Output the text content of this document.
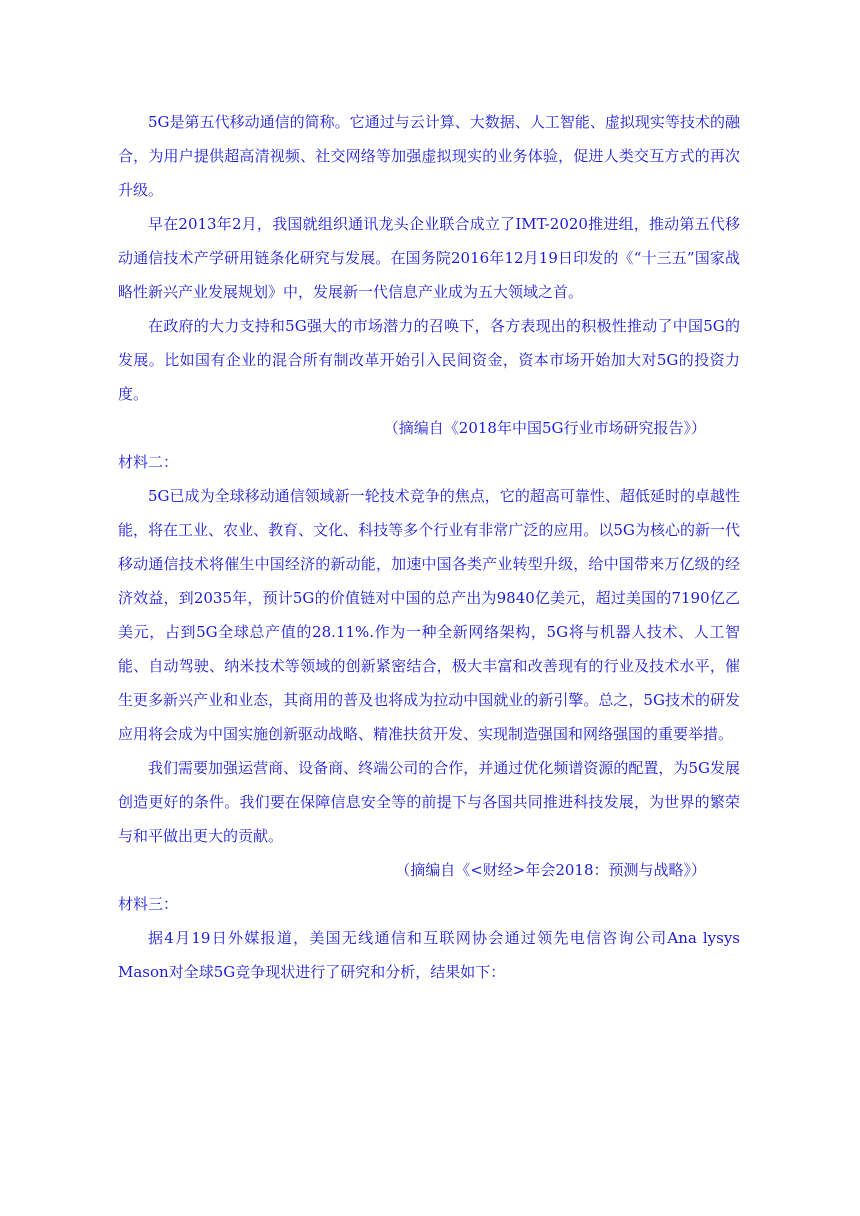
5G是第五代移动通信的简称。它通过与云计算、大数据、人工智能、虚拟现实等技术的融合，为用户提供超高清视频、社交网络等加强虚拟现实的业务体验，促进人类交互方式的再次升级。

早在2013年2月，我国就组织通讯龙头企业联合成立了IMT-2020推进组，推动第五代移动通信技术产学研用链条化研究与发展。在国务院2016年12月19日印发的《“十三五”国家战略性新兴产业发展规划》中，发展新一代信息产业成为五大领域之首。

在政府的大力支持和5G强大的市场潜力的召唤下，各方表现出的积极性推动了中国5G的发展。比如国有企业的混合所有制改革开始引入民间资金，资本市场开始加大对5G的投资力度。

（摘编自《2018年中国5G行业市场研究报告》）

材料二：

5G已成为全球移动通信领域新一轮技术竞争的焦点，它的超高可靠性、超低延时的卓越性能，将在工业、农业、教育、文化、科技等多个行业有非常广泛的应用。以5G为核心的新一代移动通信技术将催生中国经济的新动能，加速中国各类产业转型升级，给中国带来万亿级的经济效益，到2035年，预计5G的价值链对中国的总产出为9840亿美元，超过美国的7190亿乙美元，占到5G全球总产值的28.11%.作为一种全新网络架构，5G将与机器人技术、人工智能、自动驾驶、纳米技术等领域的创新紧密结合，极大丰富和改善现有的行业及技术水平，催生更多新兴产业和业态，其商用的普及也将成为拉动中国就业的新引擎。总之，5G技术的研发应用将会成为中国实施创新驱动战略、精准扶贫开发、实现制造强国和网络强国的重要举措。

我们需要加强运营商、设备商、终端公司的合作，并通过优化频谱资源的配置，为5G发展创造更好的条件。我们要在保障信息安全等的前提下与各国共同推进科技发展，为世界的繁荣与和平做出更大的贡献。

（摘编自《<财经>年会2018：预测与战略》）

材料三：

据4月19日外媒报道，美国无线通信和互联网协会通过领先电信咨询公司Ana lysys Mason对全球5G竞争现状进行了研究和分析，结果如下：
